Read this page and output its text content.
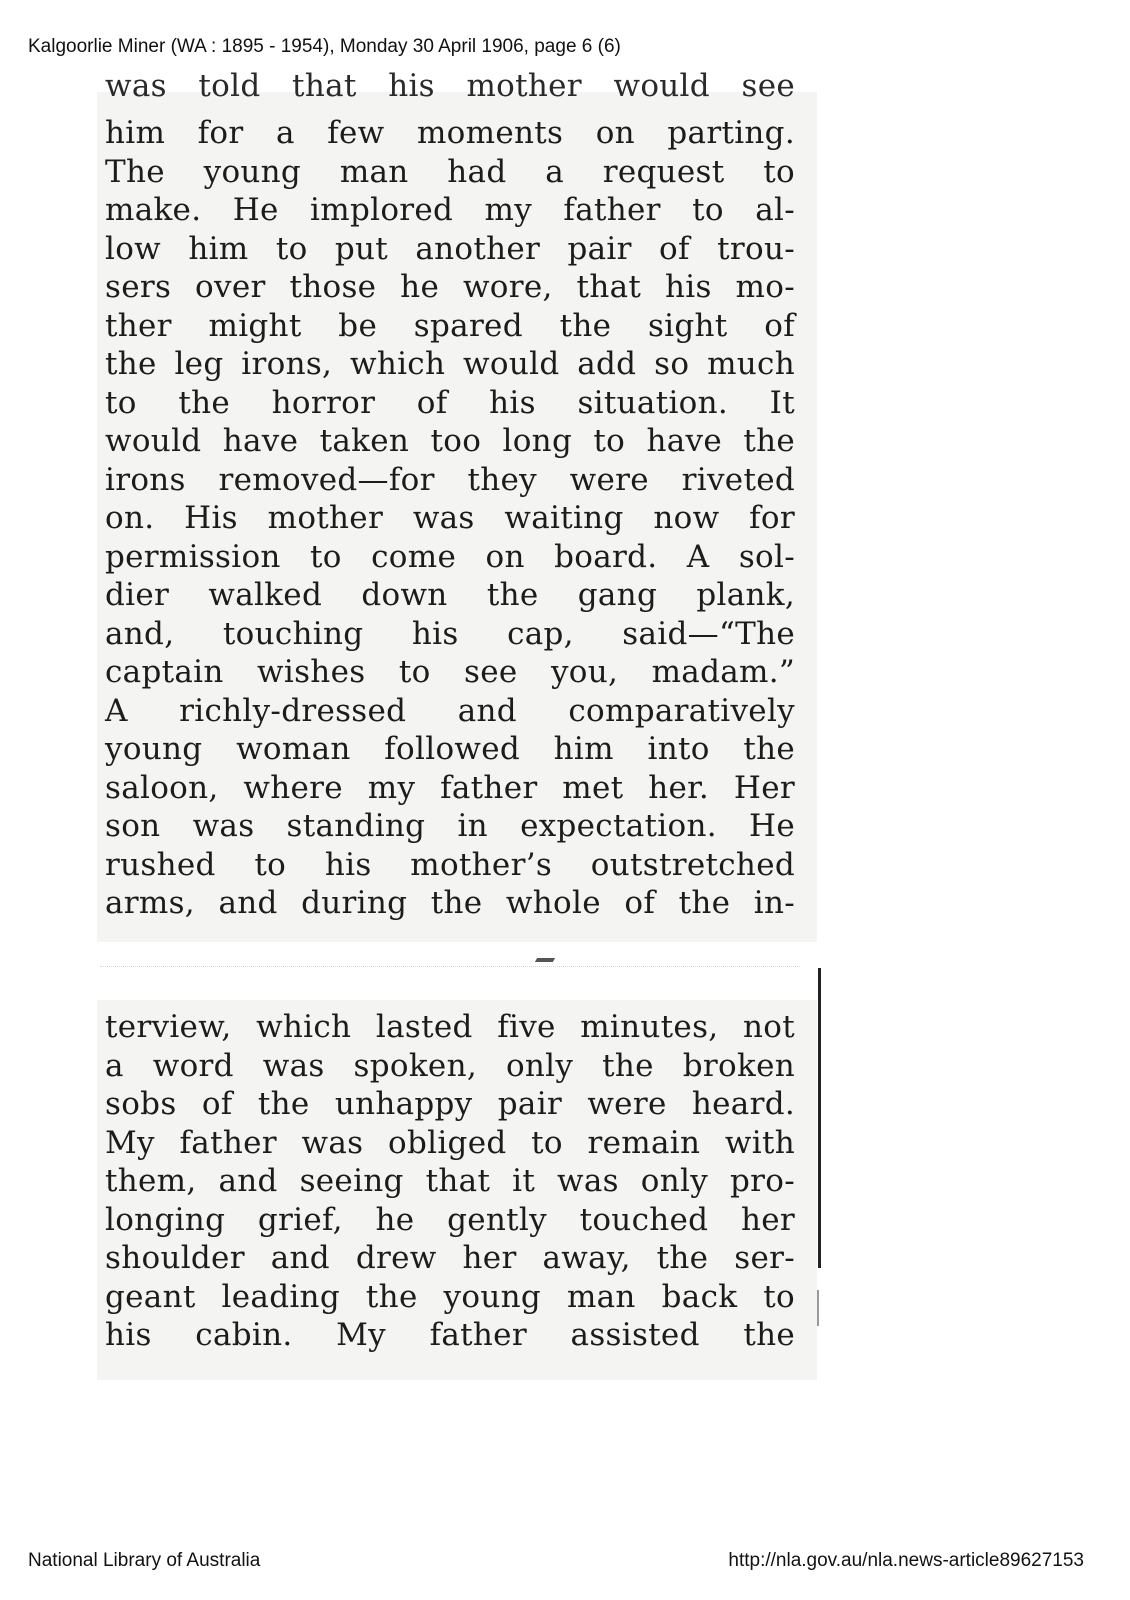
Kalgoorlie Miner (WA : 1895 - 1954), Monday 30 April 1906, page 6 (6)
was told that his mother would see
him for a few moments on parting.
The young man had a request to
make. He implored my father to al-
low him to put another pair of trou-
sers over those he wore, that his mo-
ther might be spared the sight of
the leg irons, which would add so much
to the horror of his situation. It
would have taken too long to have the
irons removed—for they were riveted
on. His mother was waiting now for
permission to come on board. A sol-
dier walked down the gang plank,
and, touching his cap, said—“The
captain wishes to see you, madam.”
A richly-dressed and comparatively
young woman followed him into the
saloon, where my father met her. Her
son was standing in expectation. He
rushed to his mother’s outstretched
arms, and during the whole of the in-
terview, which lasted five minutes, not
a word was spoken, only the broken
sobs of the unhappy pair were heard.
My father was obliged to remain with
them, and seeing that it was only pro-
longing grief, he gently touched her
shoulder and drew her away, the ser-
geant leading the young man back to
his cabin. My father assisted the
National Library of Australia	http://nla.gov.au/nla.news-article89627153
